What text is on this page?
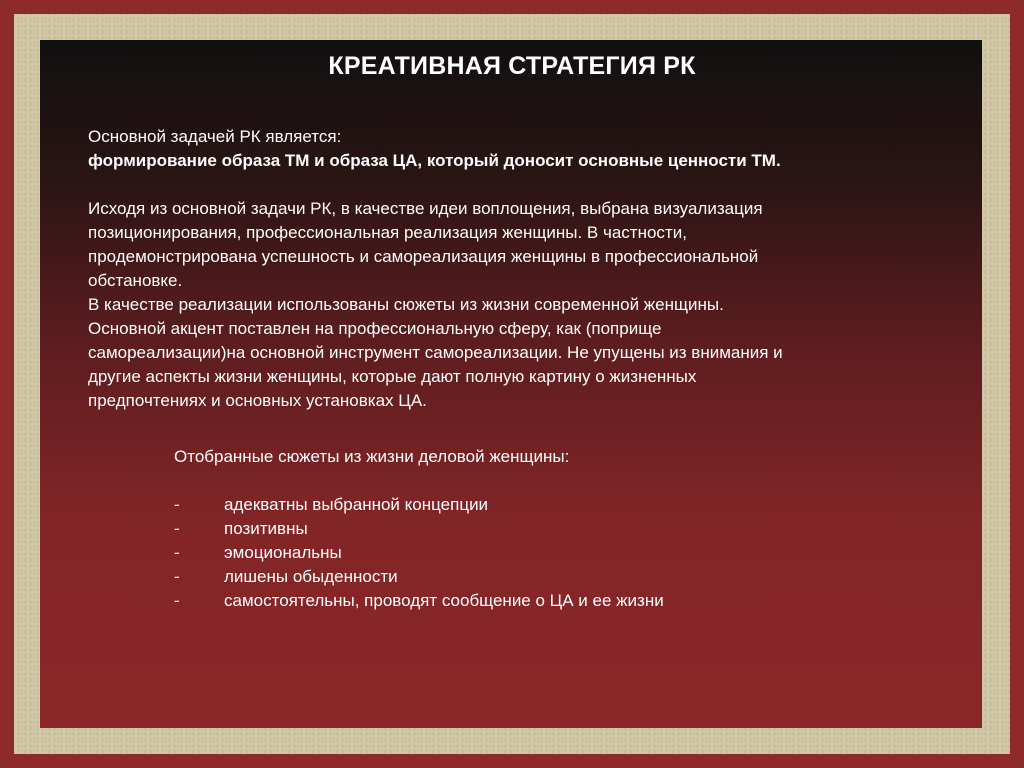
КРЕАТИВНАЯ СТРАТЕГИЯ РК

Основной задачей РК является:

формирование образа ТМ и образа ЦА, который доносит основные ценности ТМ.

Исходя из основной задачи РК, в качестве идеи воплощения, выбрана визуализация

позиционирования, профессиональная реализация женщины. В частности,

продемонстрирована успешность и самореализация женщины в профессиональной

обстановке.

В качестве реализации использованы сюжеты из жизни современной женщины.

Основной акцент поставлен на профессиональную сферу, как (поприще

самореализации)на основной инструмент самореализации. Не упущены из внимания и

другие аспекты жизни женщины, которые дают полную картину о жизненных

предпочтениях и основных установках ЦА.

Отобранные сюжеты из жизни деловой женщины:

-	адекватны выбранной концепции
-	позитивны
-	эмоциональны
-	лишены обыденности
-	самостоятельны, проводят сообщение о ЦА и ее жизни
